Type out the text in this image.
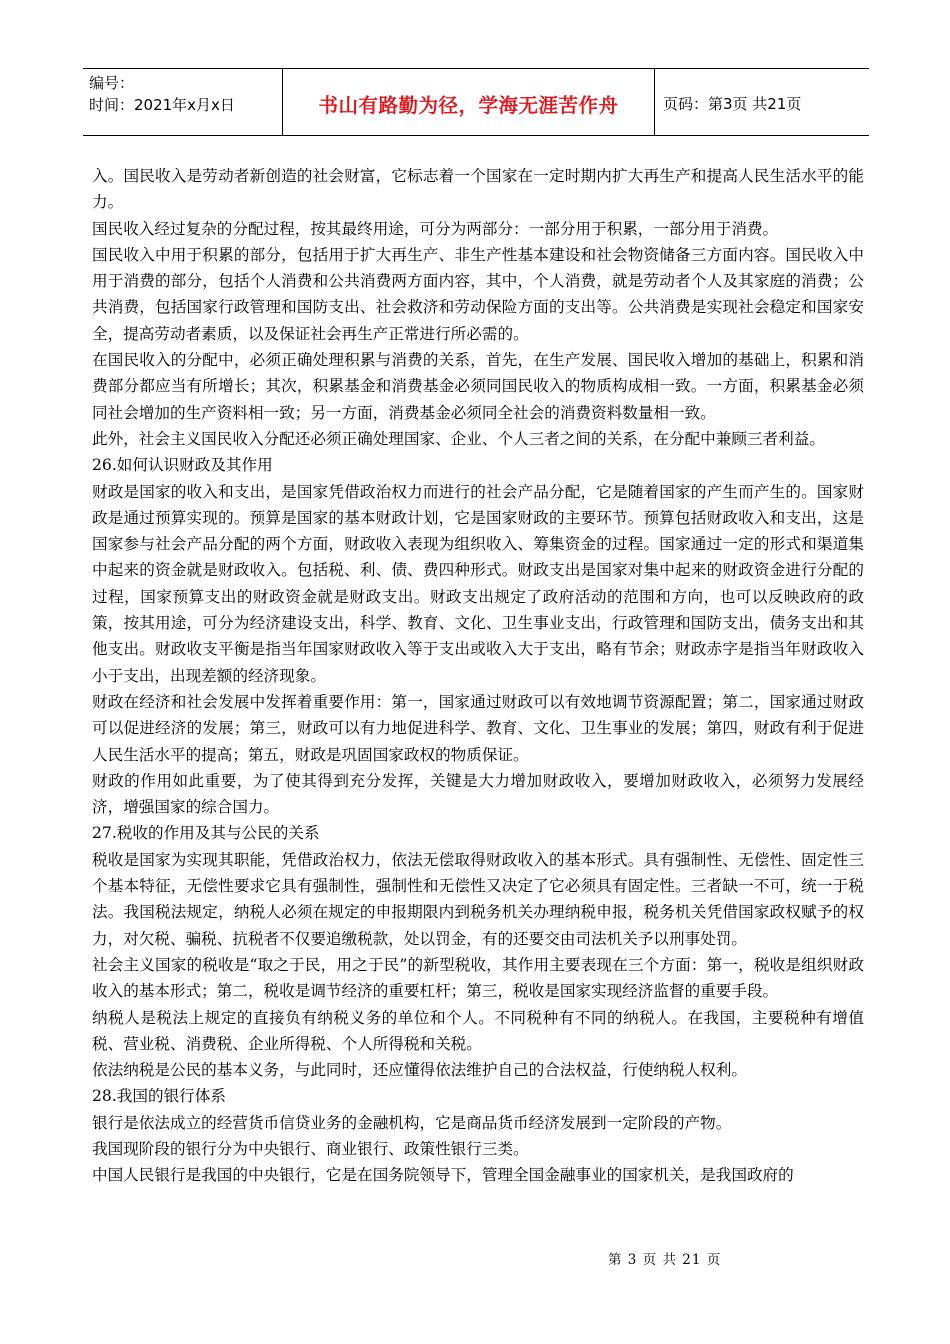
编号：
时间：2021年x月x日	书山有路勤为径，学海无涯苦作舟	页码：第3页 共21页

入。国民收入是劳动者新创造的社会财富，它标志着一个国家在一定时期内扩大再生产和提高人民生活水平的能力。

国民收入经过复杂的分配过程，按其最终用途，可分为两部分：一部分用于积累，一部分用于消费。

国民收入中用于积累的部分，包括用于扩大再生产、非生产性基本建设和社会物资储备三方面内容。国民收入中用于消费的部分，包括个人消费和公共消费两方面内容，其中，个人消费，就是劳动者个人及其家庭的消费；公共消费，包括国家行政管理和国防支出、社会救济和劳动保险方面的支出等。公共消费是实现社会稳定和国家安全，提高劳动者素质，以及保证社会再生产正常进行所必需的。

在国民收入的分配中，必须正确处理积累与消费的关系，首先，在生产发展、国民收入增加的基础上，积累和消费部分都应当有所增长；其次，积累基金和消费基金必须同国民收入的物质构成相一致。一方面，积累基金必须同社会增加的生产资料相一致；另一方面，消费基金必须同全社会的消费资料数量相一致。

此外，社会主义国民收入分配还必须正确处理国家、企业、个人三者之间的关系，在分配中兼顾三者利益。

26.如何认识财政及其作用

财政是国家的收入和支出，是国家凭借政治权力而进行的社会产品分配，它是随着国家的产生而产生的。国家财政是通过预算实现的。预算是国家的基本财政计划，它是国家财政的主要环节。预算包括财政收入和支出，这是国家参与社会产品分配的两个方面，财政收入表现为组织收入、筹集资金的过程。国家通过一定的形式和渠道集中起来的资金就是财政收入。包括税、利、债、费四种形式。财政支出是国家对集中起来的财政资金进行分配的过程，国家预算支出的财政资金就是财政支出。财政支出规定了政府活动的范围和方向，也可以反映政府的政策，按其用途，可分为经济建设支出，科学、教育、文化、卫生事业支出，行政管理和国防支出，债务支出和其他支出。财政收支平衡是指当年国家财政收入等于支出或收入大于支出，略有节余；财政赤字是指当年财政收入小于支出，出现差额的经济现象。

财政在经济和社会发展中发挥着重要作用：第一，国家通过财政可以有效地调节资源配置；第二，国家通过财政可以促进经济的发展；第三，财政可以有力地促进科学、教育、文化、卫生事业的发展；第四，财政有利于促进人民生活水平的提高；第五，财政是巩固国家政权的物质保证。

财政的作用如此重要，为了使其得到充分发挥，关键是大力增加财政收入，要增加财政收入，必须努力发展经济，增强国家的综合国力。

27.税收的作用及其与公民的关系

税收是国家为实现其职能，凭借政治权力，依法无偿取得财政收入的基本形式。具有强制性、无偿性、固定性三个基本特征，无偿性要求它具有强制性，强制性和无偿性又决定了它必须具有固定性。三者缺一不可，统一于税法。我国税法规定，纳税人必须在规定的申报期限内到税务机关办理纳税申报，税务机关凭借国家政权赋予的权力，对欠税、骗税、抗税者不仅要追缴税款，处以罚金，有的还要交由司法机关予以刑事处罚。

社会主义国家的税收是“取之于民，用之于民”的新型税收，其作用主要表现在三个方面：第一，税收是组织财政收入的基本形式；第二，税收是调节经济的重要杠杆；第三，税收是国家实现经济监督的重要手段。

纳税人是税法上规定的直接负有纳税义务的单位和个人。不同税种有不同的纳税人。在我国，主要税种有增值税、营业税、消费税、企业所得税、个人所得税和关税。

依法纳税是公民的基本义务，与此同时，还应懂得依法维护自己的合法权益，行使纳税人权利。

28.我国的银行体系

银行是依法成立的经营货币信贷业务的金融机构，它是商品货币经济发展到一定阶段的产物。

我国现阶段的银行分为中央银行、商业银行、政策性银行三类。

中国人民银行是我国的中央银行，它是在国务院领导下，管理全国金融事业的国家机关，是我国政府的

第 3 页 共 21 页
